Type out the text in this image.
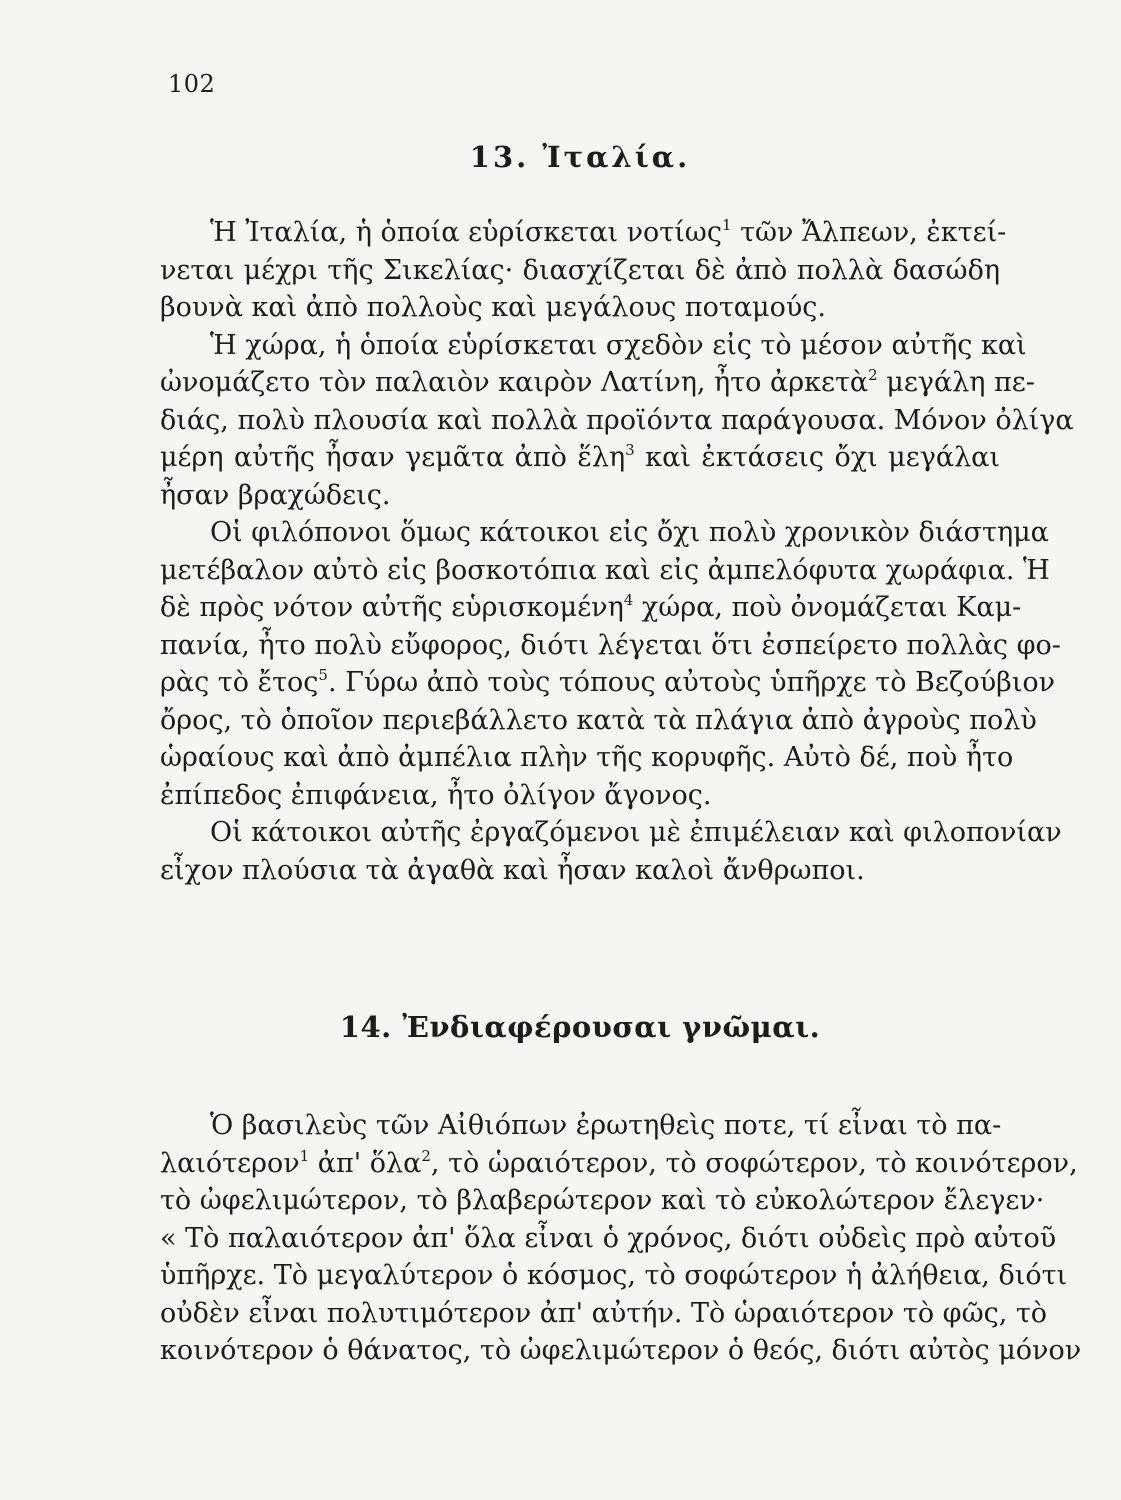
102
13. Ἰταλία.
Ἡ Ἰταλία, ἡ ὁποία εὑρίσκεται νοτίως$^1$ τῶν Ἄλπεων, ἐκτεί-
νεται μέχρι τῆς Σικελίας· διασχίζεται δὲ ἀπὸ πολλὰ δασώδη
βουνὰ καὶ ἀπὸ πολλοὺς καὶ μεγάλους ποταμούς.
Ἡ χώρα, ἡ ὁποία εὑρίσκεται σχεδὸν εἰς τὸ μέσον αὐτῆς καὶ
ὠνομάζετο τὸν παλαιὸν καιρὸν Λατίνη, ἦτο ἀρκετὰ$^2$ μεγάλη πε-
διάς, πολὺ πλουσία καὶ πολλὰ προϊόντα παράγουσα. Μόνον ὀλίγα
μέρη αὐτῆς ἦσαν γεμᾶτα ἀπὸ ἕλη$^3$ καὶ ἐκτάσεις ὄχι μεγάλαι
ἦσαν βραχώδεις.
Οἱ φιλόπονοι ὅμως κάτοικοι εἰς ὄχι πολὺ χρονικὸν διάστημα
μετέβαλον αὐτὸ εἰς βοσκοτόπια καὶ εἰς ἀμπελόφυτα χωράφια. Ἡ
δὲ πρὸς νότον αὐτῆς εὑρισκομένη$^4$ χώρα, ποὺ ὀνομάζεται Καμ-
πανία, ἦτο πολὺ εὔφορος, διότι λέγεται ὅτι ἐσπείρετο πολλὰς φο-
ρὰς τὸ ἔτος$^5$. Γύρω ἀπὸ τοὺς τόπους αὐτοὺς ὑπῆρχε τὸ Βεζούβιον
ὄρος, τὸ ὁποῖον περιεβάλλετο κατὰ τὰ πλάγια ἀπὸ ἀγροὺς πολὺ
ὡραίους καὶ ἀπὸ ἀμπέλια πλὴν τῆς κορυφῆς. Αὐτὸ δέ, ποὺ ἦτο
ἐπίπεδος ἐπιφάνεια, ἦτο ὀλίγον ἄγονος.
Οἱ κάτοικοι αὐτῆς ἐργαζόμενοι μὲ ἐπιμέλειαν καὶ φιλοπονίαν
εἶχον πλούσια τὰ ἀγαθὰ καὶ ἦσαν καλοὶ ἄνθρωποι.
14. Ἐνδιαφέρουσαι γνῶμαι.
Ὁ βασιλεὺς τῶν Αἰθιόπων ἐρωτηθεὶς ποτε, τί εἶναι τὸ πα-
λαιότερον$^1$ ἀπ' ὅλα$^2$, τὸ ὡραιότερον, τὸ σοφώτερον, τὸ κοινότερον,
τὸ ὠφελιμώτερον, τὸ βλαβερώτερον καὶ τὸ εὐκολώτερον ἔλεγεν·
« Τὸ παλαιότερον ἀπ' ὅλα εἶναι ὁ χρόνος, διότι οὐδεὶς πρὸ αὐτοῦ
ὑπῆρχε. Τὸ μεγαλύτερον ὁ κόσμος, τὸ σοφώτερον ἡ ἀλήθεια, διότι
οὐδὲν εἶναι πολυτιμότερον ἀπ' αὐτήν. Τὸ ὡραιότερον τὸ φῶς, τὸ
κοινότερον ὁ θάνατος, τὸ ὠφελιμώτερον ὁ θεός, διότι αὐτὸς μόνον
